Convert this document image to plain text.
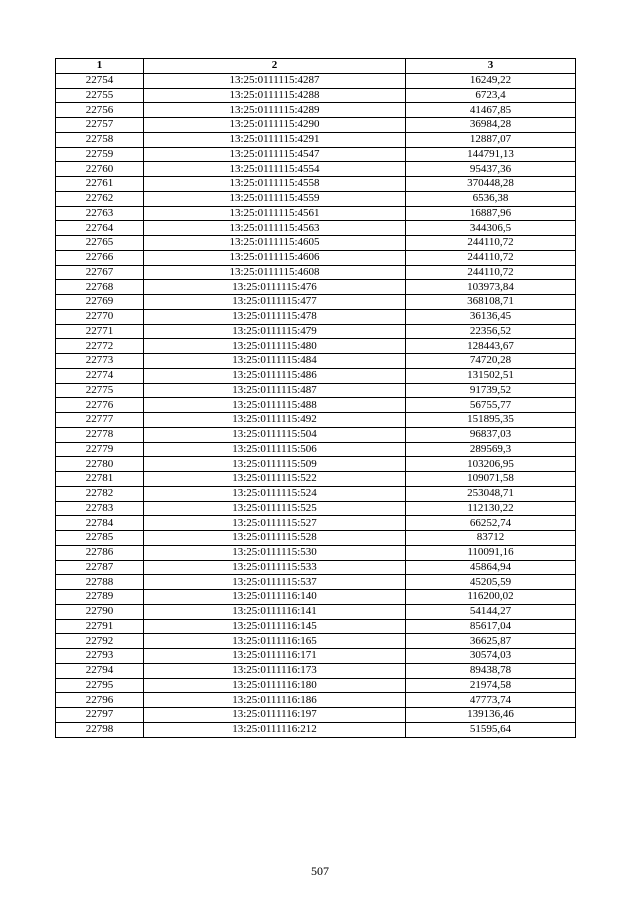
1	2	3
22754	13:25:0111115:4287	16249,22
22755	13:25:0111115:4288	6723,4
22756	13:25:0111115:4289	41467,85
22757	13:25:0111115:4290	36984,28
22758	13:25:0111115:4291	12887,07
22759	13:25:0111115:4547	144791,13
22760	13:25:0111115:4554	95437,36
22761	13:25:0111115:4558	370448,28
22762	13:25:0111115:4559	6536,38
22763	13:25:0111115:4561	16887,96
22764	13:25:0111115:4563	344306,5
22765	13:25:0111115:4605	244110,72
22766	13:25:0111115:4606	244110,72
22767	13:25:0111115:4608	244110,72
22768	13:25:0111115:476	103973,84
22769	13:25:0111115:477	368108,71
22770	13:25:0111115:478	36136,45
22771	13:25:0111115:479	22356,52
22772	13:25:0111115:480	128443,67
22773	13:25:0111115:484	74720,28
22774	13:25:0111115:486	131502,51
22775	13:25:0111115:487	91739,52
22776	13:25:0111115:488	56755,77
22777	13:25:0111115:492	151895,35
22778	13:25:0111115:504	96837,03
22779	13:25:0111115:506	289569,3
22780	13:25:0111115:509	103206,95
22781	13:25:0111115:522	109071,58
22782	13:25:0111115:524	253048,71
22783	13:25:0111115:525	112130,22
22784	13:25:0111115:527	66252,74
22785	13:25:0111115:528	83712
22786	13:25:0111115:530	110091,16
22787	13:25:0111115:533	45864,94
22788	13:25:0111115:537	45205,59
22789	13:25:0111116:140	116200,02
22790	13:25:0111116:141	54144,27
22791	13:25:0111116:145	85617,04
22792	13:25:0111116:165	36625,87
22793	13:25:0111116:171	30574,03
22794	13:25:0111116:173	89438,78
22795	13:25:0111116:180	21974,58
22796	13:25:0111116:186	47773,74
22797	13:25:0111116:197	139136,46
22798	13:25:0111116:212	51595,64
507
